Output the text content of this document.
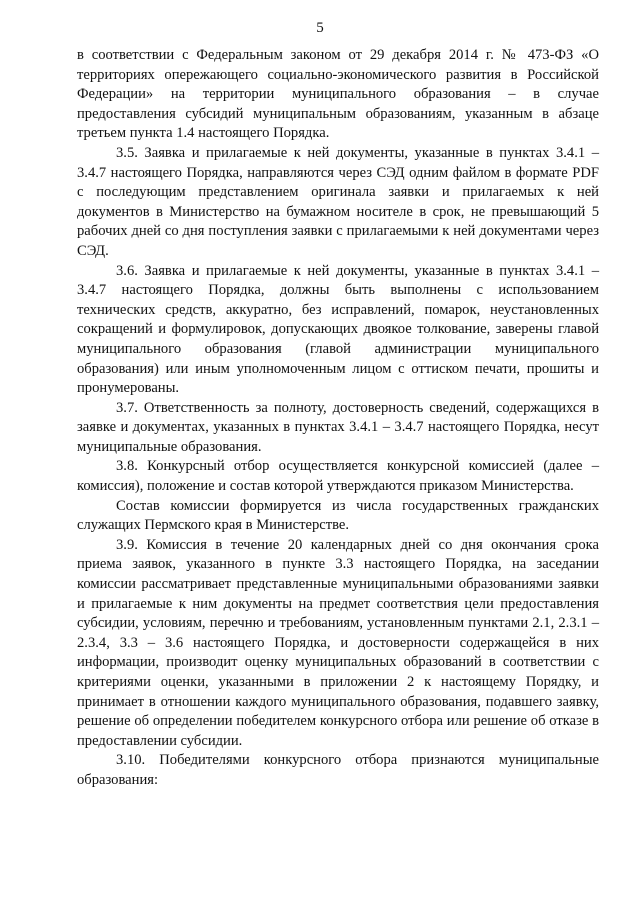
5

в соответствии с Федеральным законом от 29 декабря 2014 г. № 473-ФЗ «О территориях опережающего социально-экономического развития в Российской Федерации» на территории муниципального образования – в случае предоставления субсидий муниципальным образованиям, указанным в абзаце третьем пункта 1.4 настоящего Порядка.

3.5. Заявка и прилагаемые к ней документы, указанные в пунктах 3.4.1 – 3.4.7 настоящего Порядка, направляются через СЭД одним файлом в формате PDF с последующим представлением оригинала заявки и прилагаемых к ней документов в Министерство на бумажном носителе в срок, не превышающий 5 рабочих дней со дня поступления заявки с прилагаемыми к ней документами через СЭД.

3.6. Заявка и прилагаемые к ней документы, указанные в пунктах 3.4.1 – 3.4.7 настоящего Порядка, должны быть выполнены с использованием технических средств, аккуратно, без исправлений, помарок, неустановленных сокращений и формулировок, допускающих двоякое толкование, заверены главой муниципального образования (главой администрации муниципального образования) или иным уполномоченным лицом с оттиском печати, прошиты и пронумерованы.

3.7. Ответственность за полноту, достоверность сведений, содержащихся в заявке и документах, указанных в пунктах 3.4.1 – 3.4.7 настоящего Порядка, несут муниципальные образования.

3.8. Конкурсный отбор осуществляется конкурсной комиссией (далее – комиссия), положение и состав которой утверждаются приказом Министерства.

Состав комиссии формируется из числа государственных гражданских служащих Пермского края в Министерстве.

3.9. Комиссия в течение 20 календарных дней со дня окончания срока приема заявок, указанного в пункте 3.3 настоящего Порядка, на заседании комиссии рассматривает представленные муниципальными образованиями заявки и прилагаемые к ним документы на предмет соответствия цели предоставления субсидии, условиям, перечню и требованиям, установленным пунктами 2.1, 2.3.1 – 2.3.4, 3.3 – 3.6 настоящего Порядка, и достоверности содержащейся в них информации, производит оценку муниципальных образований в соответствии с критериями оценки, указанными в приложении 2 к настоящему Порядку, и принимает в отношении каждого муниципального образования, подавшего заявку, решение об определении победителем конкурсного отбора или решение об отказе в предоставлении субсидии.

3.10. Победителями конкурсного отбора признаются муниципальные образования:
